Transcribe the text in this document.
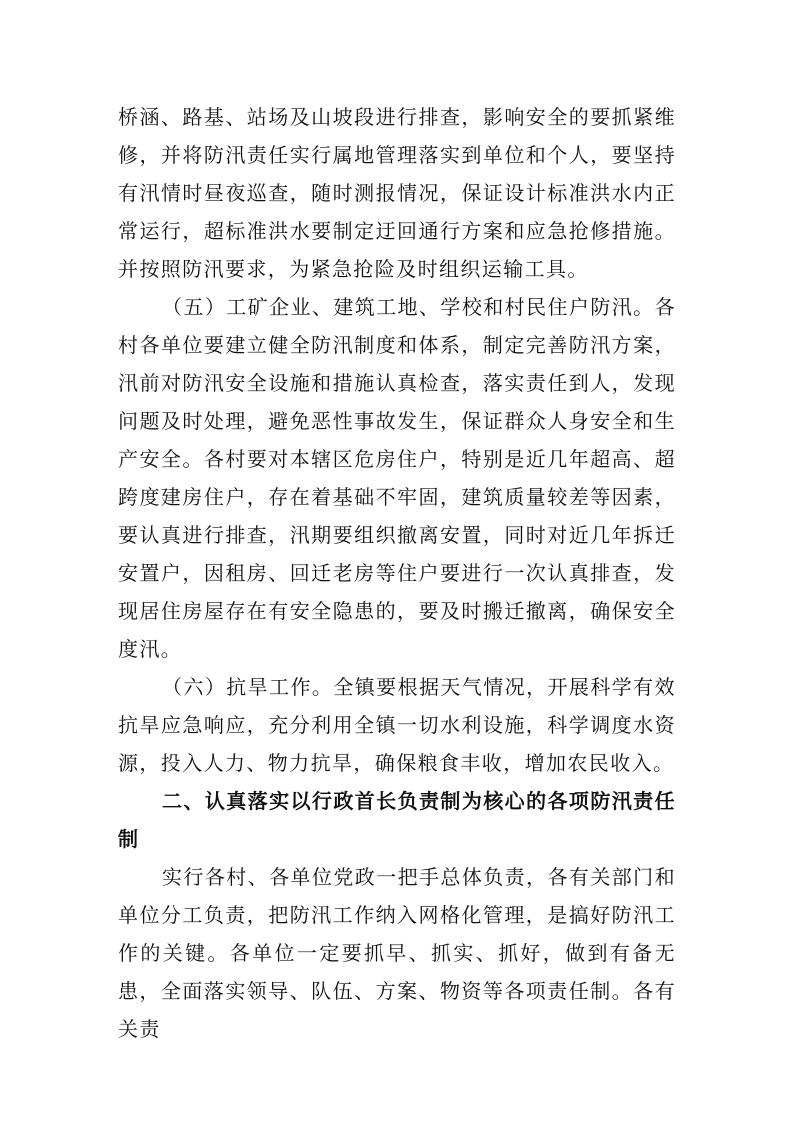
桥涵、路基、站场及山坡段进行排查，影响安全的要抓紧维修，并将防汛责任实行属地管理落实到单位和个人，要坚持有汛情时昼夜巡查，随时测报情况，保证设计标准洪水内正常运行，超标准洪水要制定迂回通行方案和应急抢修措施。并按照防汛要求，为紧急抢险及时组织运输工具。

（五）工矿企业、建筑工地、学校和村民住户防汛。各村各单位要建立健全防汛制度和体系，制定完善防汛方案，汛前对防汛安全设施和措施认真检查，落实责任到人，发现问题及时处理，避免恶性事故发生，保证群众人身安全和生产安全。各村要对本辖区危房住户，特别是近几年超高、超跨度建房住户，存在着基础不牢固，建筑质量较差等因素，要认真进行排查，汛期要组织撤离安置，同时对近几年拆迁安置户，因租房、回迁老房等住户要进行一次认真排查，发现居住房屋存在有安全隐患的，要及时搬迁撤离，确保安全度汛。

（六）抗旱工作。全镇要根据天气情况，开展科学有效抗旱应急响应，充分利用全镇一切水利设施，科学调度水资源，投入人力、物力抗旱，确保粮食丰收，增加农民收入。

二、认真落实以行政首长负责制为核心的各项防汛责任制

实行各村、各单位党政一把手总体负责，各有关部门和单位分工负责，把防汛工作纳入网格化管理，是搞好防汛工作的关键。各单位一定要抓早、抓实、抓好，做到有备无患，全面落实领导、队伍、方案、物资等各项责任制。各有关责
